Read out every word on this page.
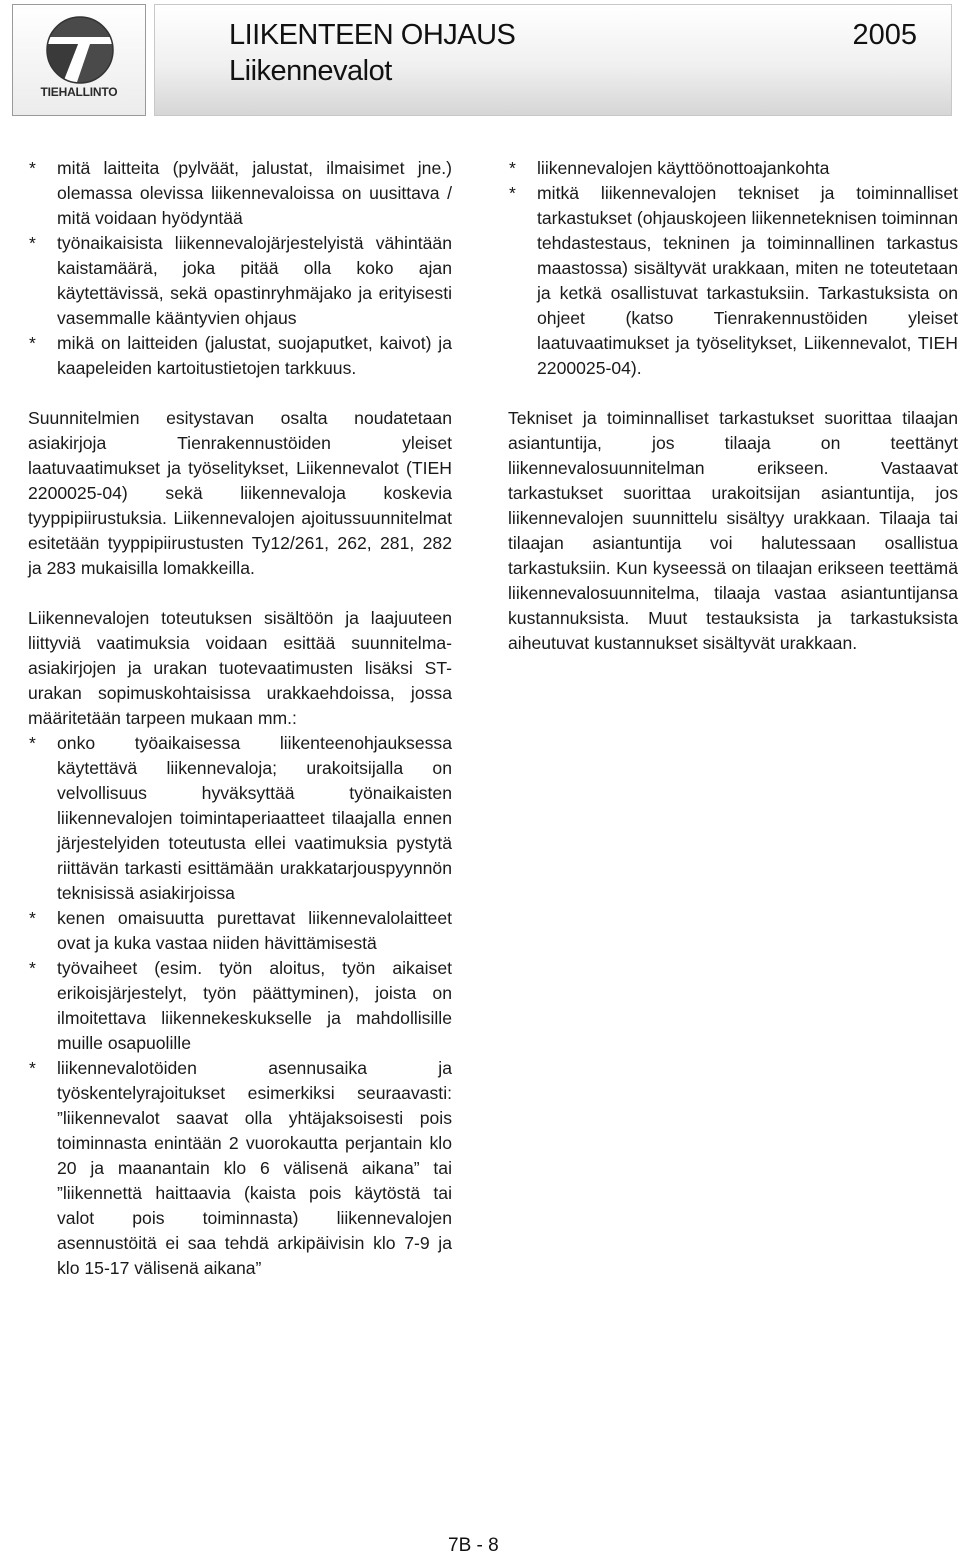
TIEHALLINTO
LIIKENTEEN OHJAUS
Liikennevalot
2005
* mitä laitteita (pylväät, jalustat, ilmaisimet jne.) olemassa olevissa liikennevaloissa on uusittava / mitä voidaan hyödyntää
* työnaikaisista liikennevalojärjestelyistä vähintään kaistamäärä, joka pitää olla koko ajan käytettävissä, sekä opastinryhmäjako ja erityisesti vasemmalle kääntyvien ohjaus
* mikä on laitteiden (jalustat, suojaputket, kaivot) ja kaapeleiden kartoitustietojen tarkkuus.

Suunnitelmien esitystavan osalta noudatetaan asiakirjoja Tienrakennustöiden yleiset laatuvaatimukset ja työselitykset, Liikennevalot (TIEH 2200025-04) sekä liikennevaloja koskevia tyyppipiirustuksia. Liikennevalojen ajoitussuunnitelmat esitetään tyyppipiirustusten Ty12/261, 262, 281, 282 ja 283 mukaisilla lomakkeilla.

Liikennevalojen toteutuksen sisältöön ja laajuuteen liittyviä vaatimuksia voidaan esittää suunnitelma-asiakirjojen ja urakan tuotevaatimusten lisäksi ST-urakan sopimuskohtaisissa urakkaehdoissa, jossa määritetään tarpeen mukaan mm.:

* onko työaikaisessa liikenteenohjauksessa käytettävä liikennevaloja; urakoitsijalla on velvollisuus hyväksyttää työnaikaisten liikennevalojen toimintaperiaatteet tilaajalla ennen järjestelyiden toteutusta ellei vaatimuksia pystytä riittävän tarkasti esittämään urakkatarjouspyynnön teknisissä asiakirjoissa
* kenen omaisuutta purettavat liikennevalolaitteet ovat ja kuka vastaa niiden hävittämisestä
* työvaiheet (esim. työn aloitus, työn aikaiset erikoisjärjestelyt, työn päättyminen), joista on ilmoitettava liikennekeskukselle ja mahdollisille muille osapuolille
* liikennevalotöiden asennusaika ja työskentelyrajoitukset esimerkiksi seuraavasti: ”liikennevalot saavat olla yhtäjaksoisesti pois toiminnasta enintään 2 vuorokautta perjantain klo 20 ja maanantain klo 6 välisenä aikana” tai ”liikennettä haittaavia (kaista pois käytöstä tai valot pois toiminnasta) liikennevalojen asennustöitä ei saa tehdä arkipäivisin klo 7-9 ja klo 15-17 välisenä aikana”
* liikennevalojen käyttöönottoajankohta
* mitkä liikennevalojen tekniset ja toiminnalliset tarkastukset (ohjauskojeen liikenneteknisen toiminnan tehdastestaus, tekninen ja toiminnallinen tarkastus maastossa) sisältyvät urakkaan, miten ne toteutetaan ja ketkä osallistuvat tarkastuksiin. Tarkastuksista on ohjeet (katso Tienrakennustöiden yleiset laatuvaatimukset ja työselitykset, Liikennevalot, TIEH 2200025-04).

Tekniset ja toiminnalliset tarkastukset suorittaa tilaajan asiantuntija, jos tilaaja on teettänyt liikennevalosuunnitelman erikseen. Vastaavat tarkastukset suorittaa urakoitsijan asiantuntija, jos liikennevalojen suunnittelu sisältyy urakkaan. Tilaaja tai tilaajan asiantuntija voi halutessaan osallistua tarkastuksiin. Kun kyseessä on tilaajan erikseen teettämä liikennevalosuunnitelma, tilaaja vastaa asiantuntijansa kustannuksista. Muut testauksista ja tarkastuksista aiheutuvat kustannukset sisältyvät urakkaan.

7B - 8
